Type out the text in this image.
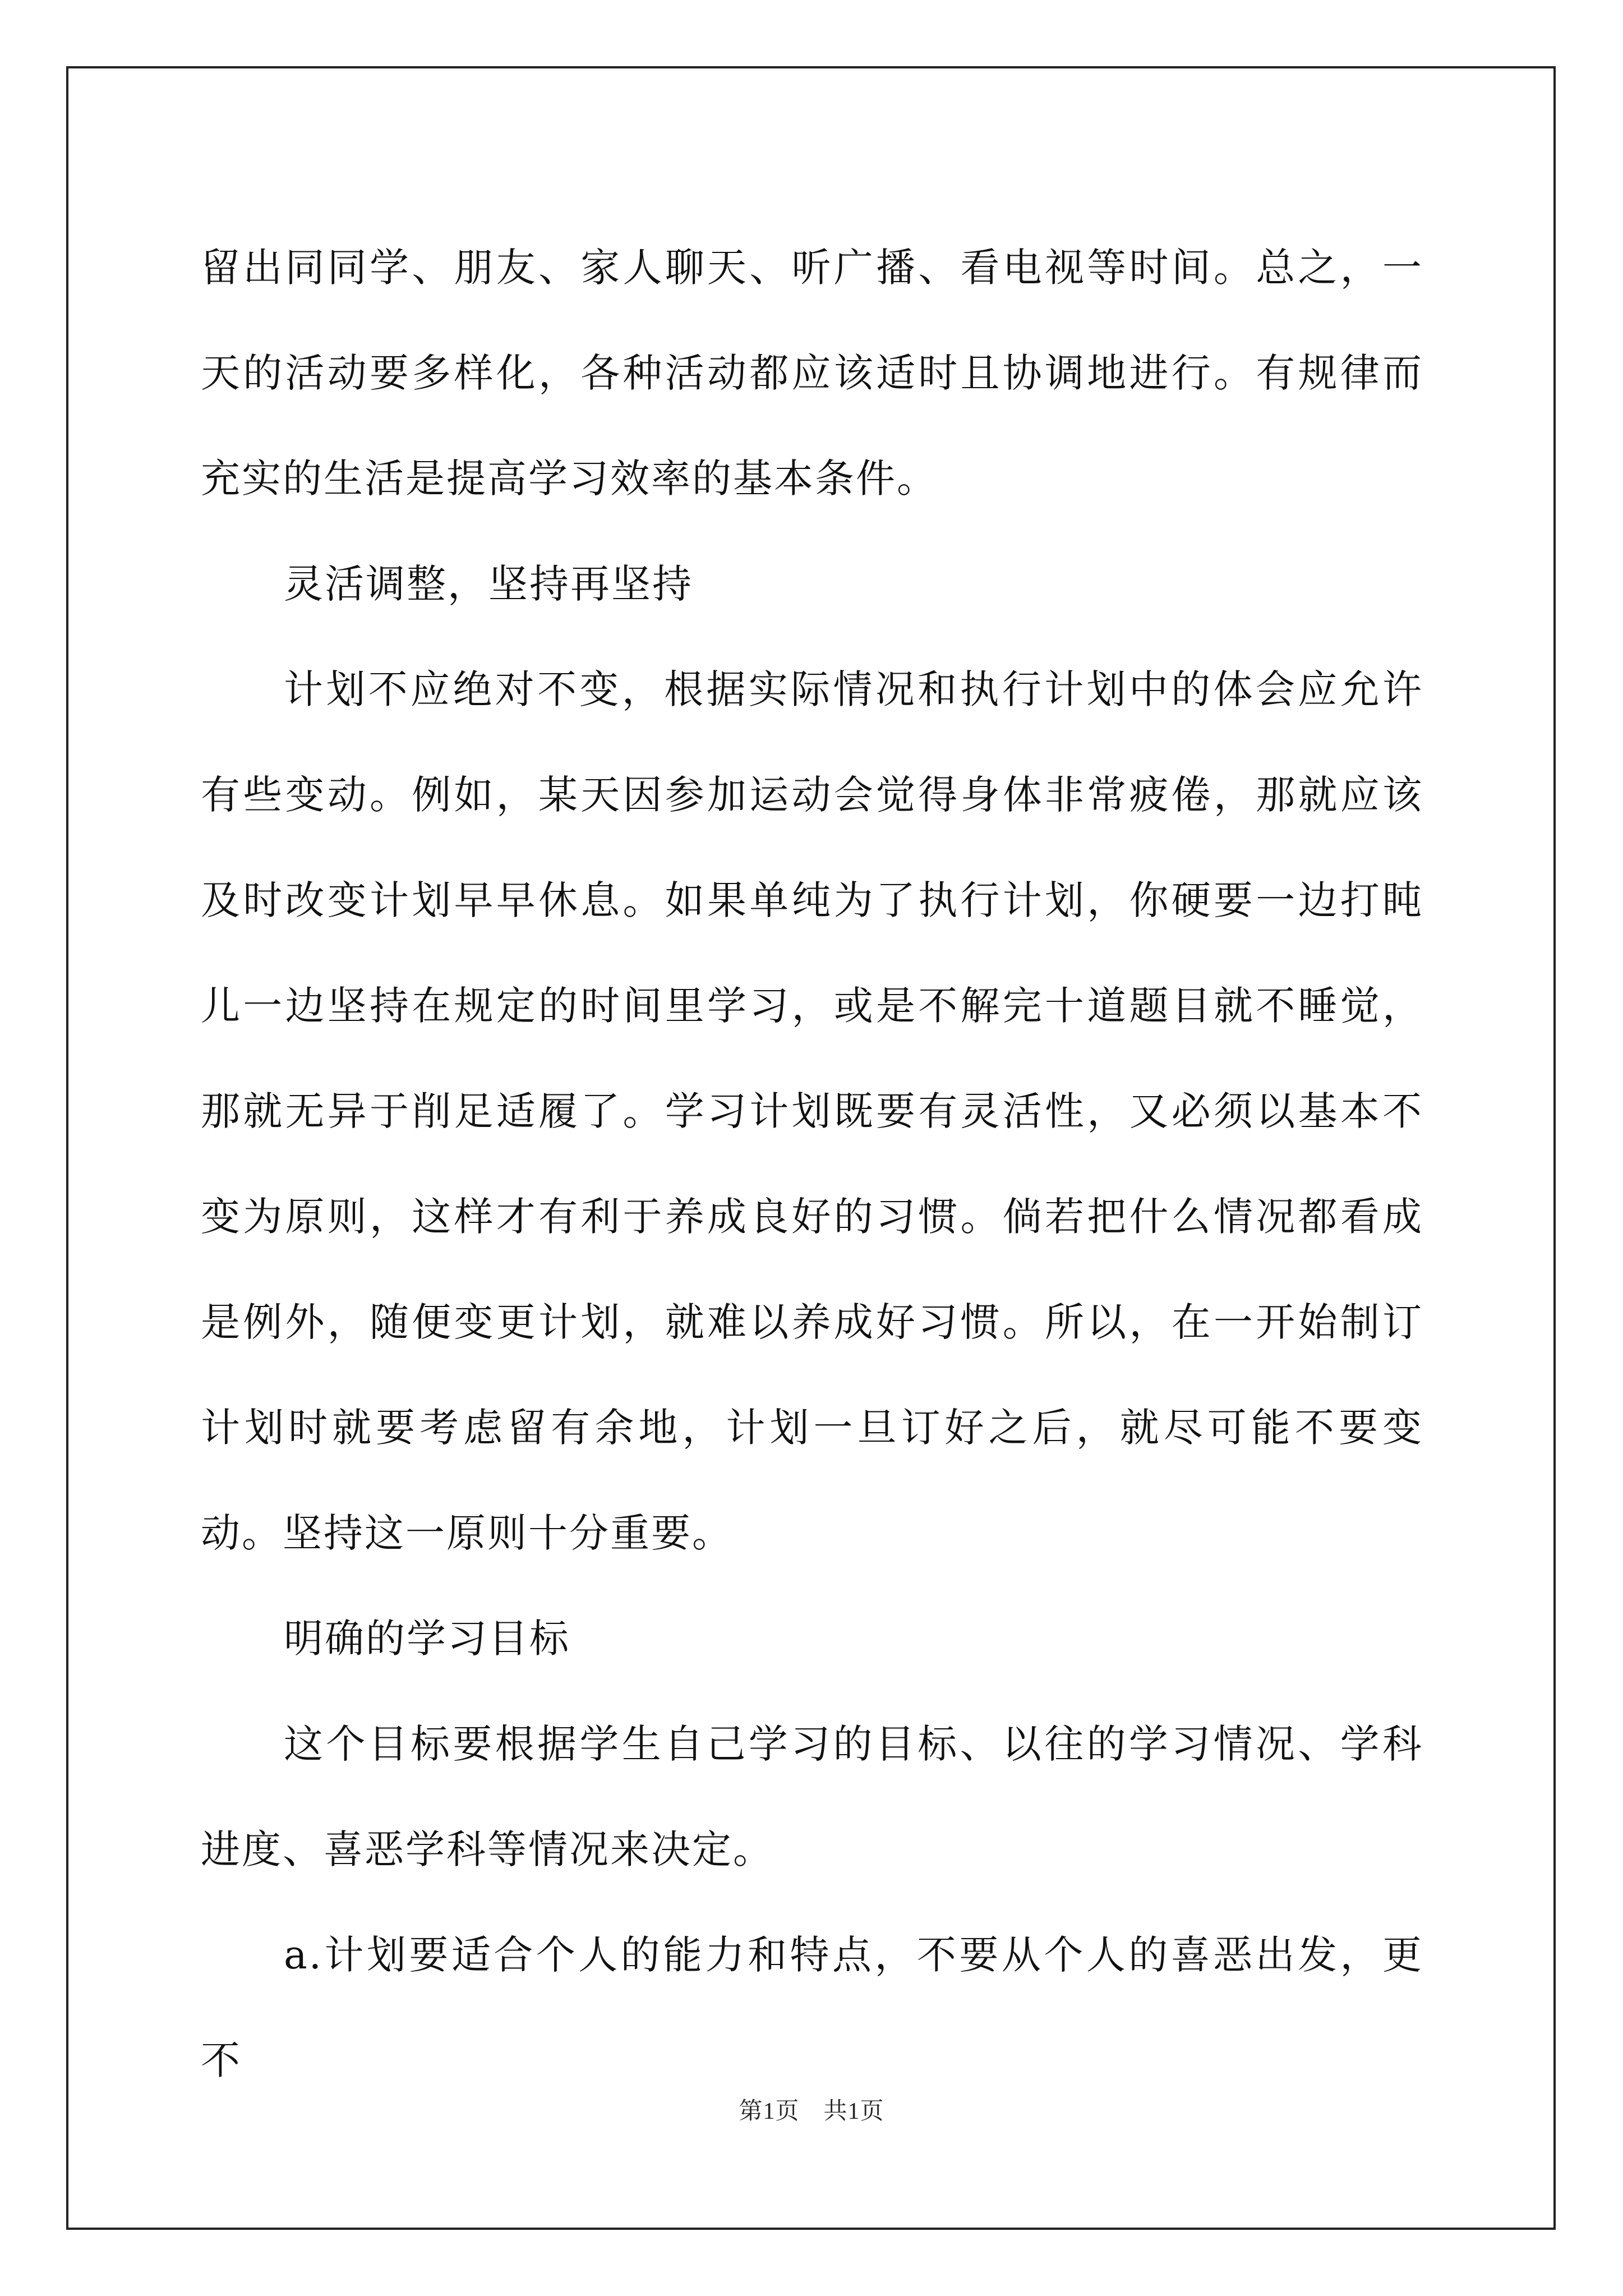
留出同同学、朋友、家人聊天、听广播、看电视等时间。总之，一天的活动要多样化，各种活动都应该适时且协调地进行。有规律而充实的生活是提高学习效率的基本条件。

灵活调整，坚持再坚持

计划不应绝对不变，根据实际情况和执行计划中的体会应允许有些变动。例如，某天因参加运动会觉得身体非常疲倦，那就应该及时改变计划早早休息。如果单纯为了执行计划，你硬要一边打盹儿一边坚持在规定的时间里学习，或是不解完十道题目就不睡觉，那就无异于削足适履了。学习计划既要有灵活性，又必须以基本不变为原则，这样才有利于养成良好的习惯。倘若把什么情况都看成是例外，随便变更计划，就难以养成好习惯。所以，在一开始制订计划时就要考虑留有余地，计划一旦订好之后，就尽可能不要变动。坚持这一原则十分重要。

明确的学习目标

这个目标要根据学生自己学习的目标、以往的学习情况、学科进度、喜恶学科等情况来决定。

a.计划要适合个人的能力和特点，不要从个人的喜恶出发，更不

第1页　共1页
